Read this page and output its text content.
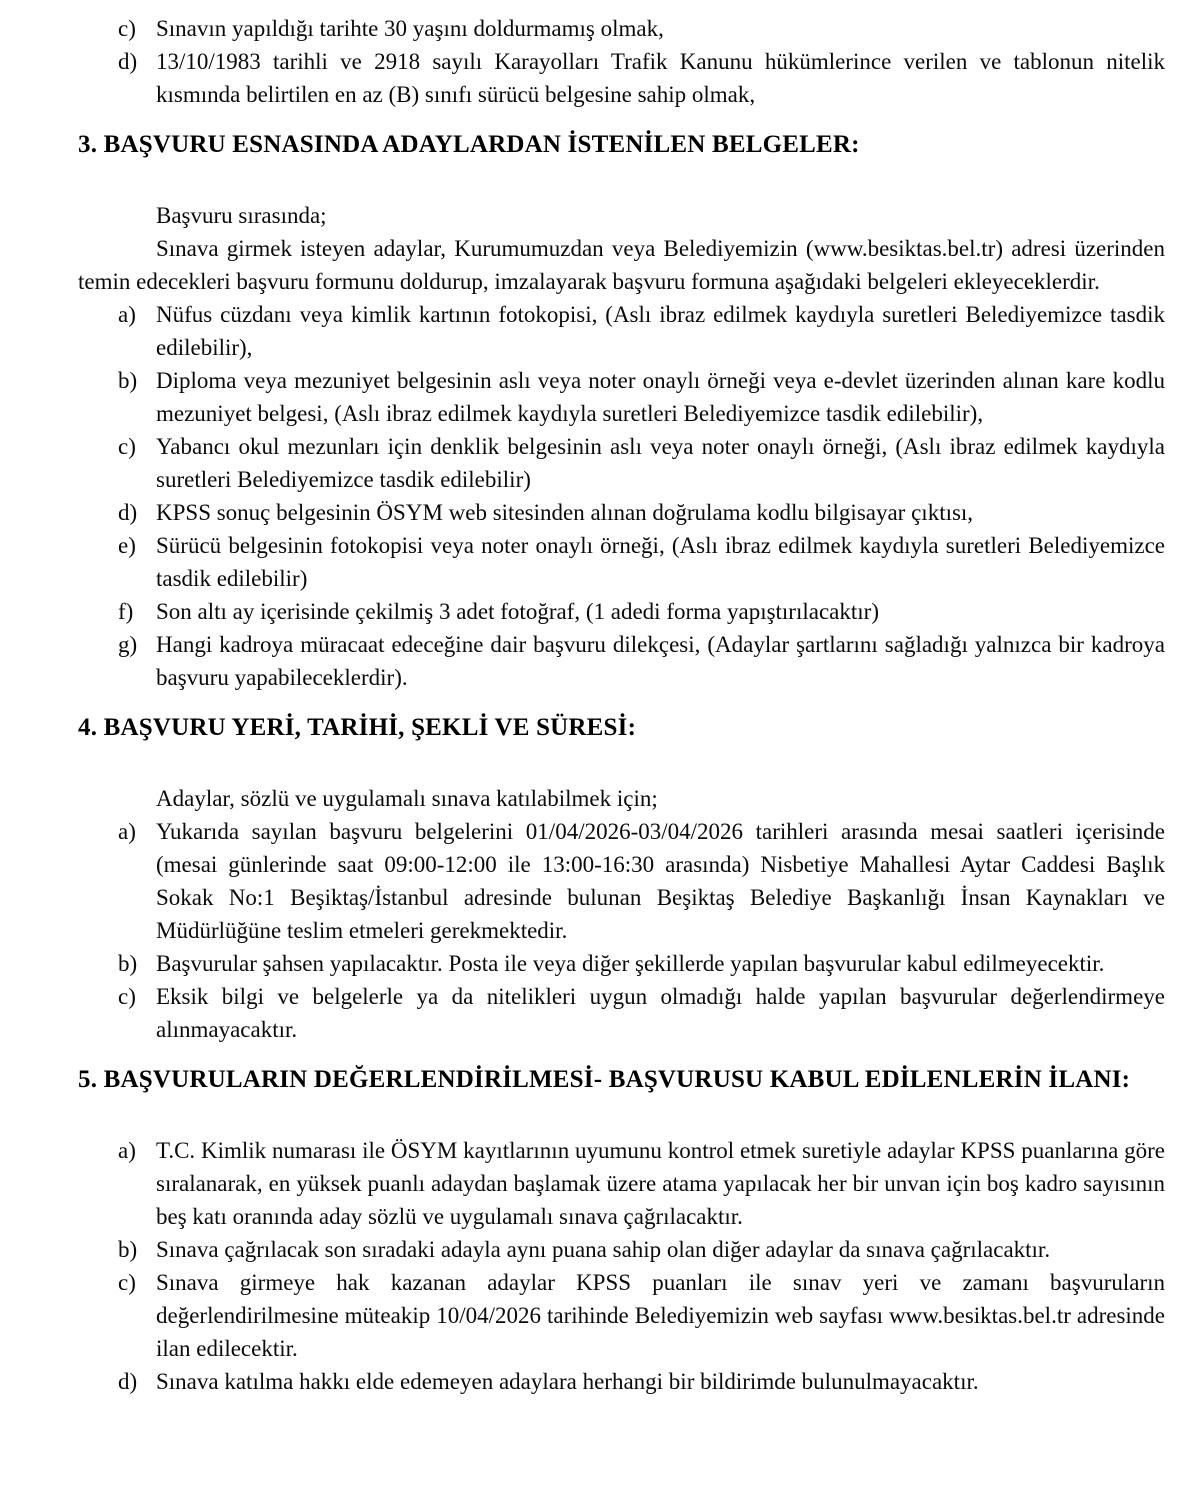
c) Sınavın yapıldığı tarihte 30 yaşını doldurmamış olmak,
d) 13/10/1983 tarihli ve 2918 sayılı Karayolları Trafik Kanunu hükümlerince verilen ve tablonun nitelik kısmında belirtilen en az (B) sınıfı sürücü belgesine sahip olmak,
3. BAŞVURU ESNASINDA ADAYLARDAN İSTENİLEN BELGELER:

Başvuru sırasında;

Sınava girmek isteyen adaylar, Kurumumuzdan veya Belediyemizin (www.besiktas.bel.tr) adresi üzerinden temin edecekleri başvuru formunu doldurup, imzalayarak başvuru formuna aşağıdaki belgeleri ekleyeceklerdir.

a) Nüfus cüzdanı veya kimlik kartının fotokopisi, (Aslı ibraz edilmek kaydıyla suretleri Belediyemizce tasdik edilebilir),
b) Diploma veya mezuniyet belgesinin aslı veya noter onaylı örneği veya e-devlet üzerinden alınan kare kodlu mezuniyet belgesi, (Aslı ibraz edilmek kaydıyla suretleri Belediyemizce tasdik edilebilir),
c) Yabancı okul mezunları için denklik belgesinin aslı veya noter onaylı örneği, (Aslı ibraz edilmek kaydıyla suretleri Belediyemizce tasdik edilebilir)
d) KPSS sonuç belgesinin ÖSYM web sitesinden alınan doğrulama kodlu bilgisayar çıktısı,
e) Sürücü belgesinin fotokopisi veya noter onaylı örneği, (Aslı ibraz edilmek kaydıyla suretleri Belediyemizce tasdik edilebilir)
f) Son altı ay içerisinde çekilmiş 3 adet fotoğraf, (1 adedi forma yapıştırılacaktır)
g) Hangi kadroya müracaat edeceğine dair başvuru dilekçesi, (Adaylar şartlarını sağladığı yalnızca bir kadroya başvuru yapabileceklerdir).
4. BAŞVURU YERİ, TARİHİ, ŞEKLİ VE SÜRESİ:

Adaylar, sözlü ve uygulamalı sınava katılabilmek için;

a) Yukarıda sayılan başvuru belgelerini 01/04/2026-03/04/2026 tarihleri arasında mesai saatleri içerisinde (mesai günlerinde saat 09:00-12:00 ile 13:00-16:30 arasında) Nisbetiye Mahallesi Aytar Caddesi Başlık Sokak No:1 Beşiktaş/İstanbul adresinde bulunan Beşiktaş Belediye Başkanlığı İnsan Kaynakları ve Müdürlüğüne teslim etmeleri gerekmektedir.
b) Başvurular şahsen yapılacaktır. Posta ile veya diğer şekillerde yapılan başvurular kabul edilmeyecektir.
c) Eksik bilgi ve belgelerle ya da nitelikleri uygun olmadığı halde yapılan başvurular değerlendirmeye alınmayacaktır.
5. BAŞVURULARIN DEĞERLENDİRİLMESİ- BAŞVURUSU KABUL EDİLENLERİN İLANI:
a) T.C. Kimlik numarası ile ÖSYM kayıtlarının uyumunu kontrol etmek suretiyle adaylar KPSS puanlarına göre sıralanarak, en yüksek puanlı adaydan başlamak üzere atama yapılacak her bir unvan için boş kadro sayısının beş katı oranında aday sözlü ve uygulamalı sınava çağrılacaktır.
b) Sınava çağrılacak son sıradaki adayla aynı puana sahip olan diğer adaylar da sınava çağrılacaktır.
c) Sınava girmeye hak kazanan adaylar KPSS puanları ile sınav yeri ve zamanı başvuruların değerlendirilmesine müteakip 10/04/2026 tarihinde Belediyemizin web sayfası www.besiktas.bel.tr adresinde ilan edilecektir.
d) Sınava katılma hakkı elde edemeyen adaylara herhangi bir bildirimde bulunulmayacaktır.
